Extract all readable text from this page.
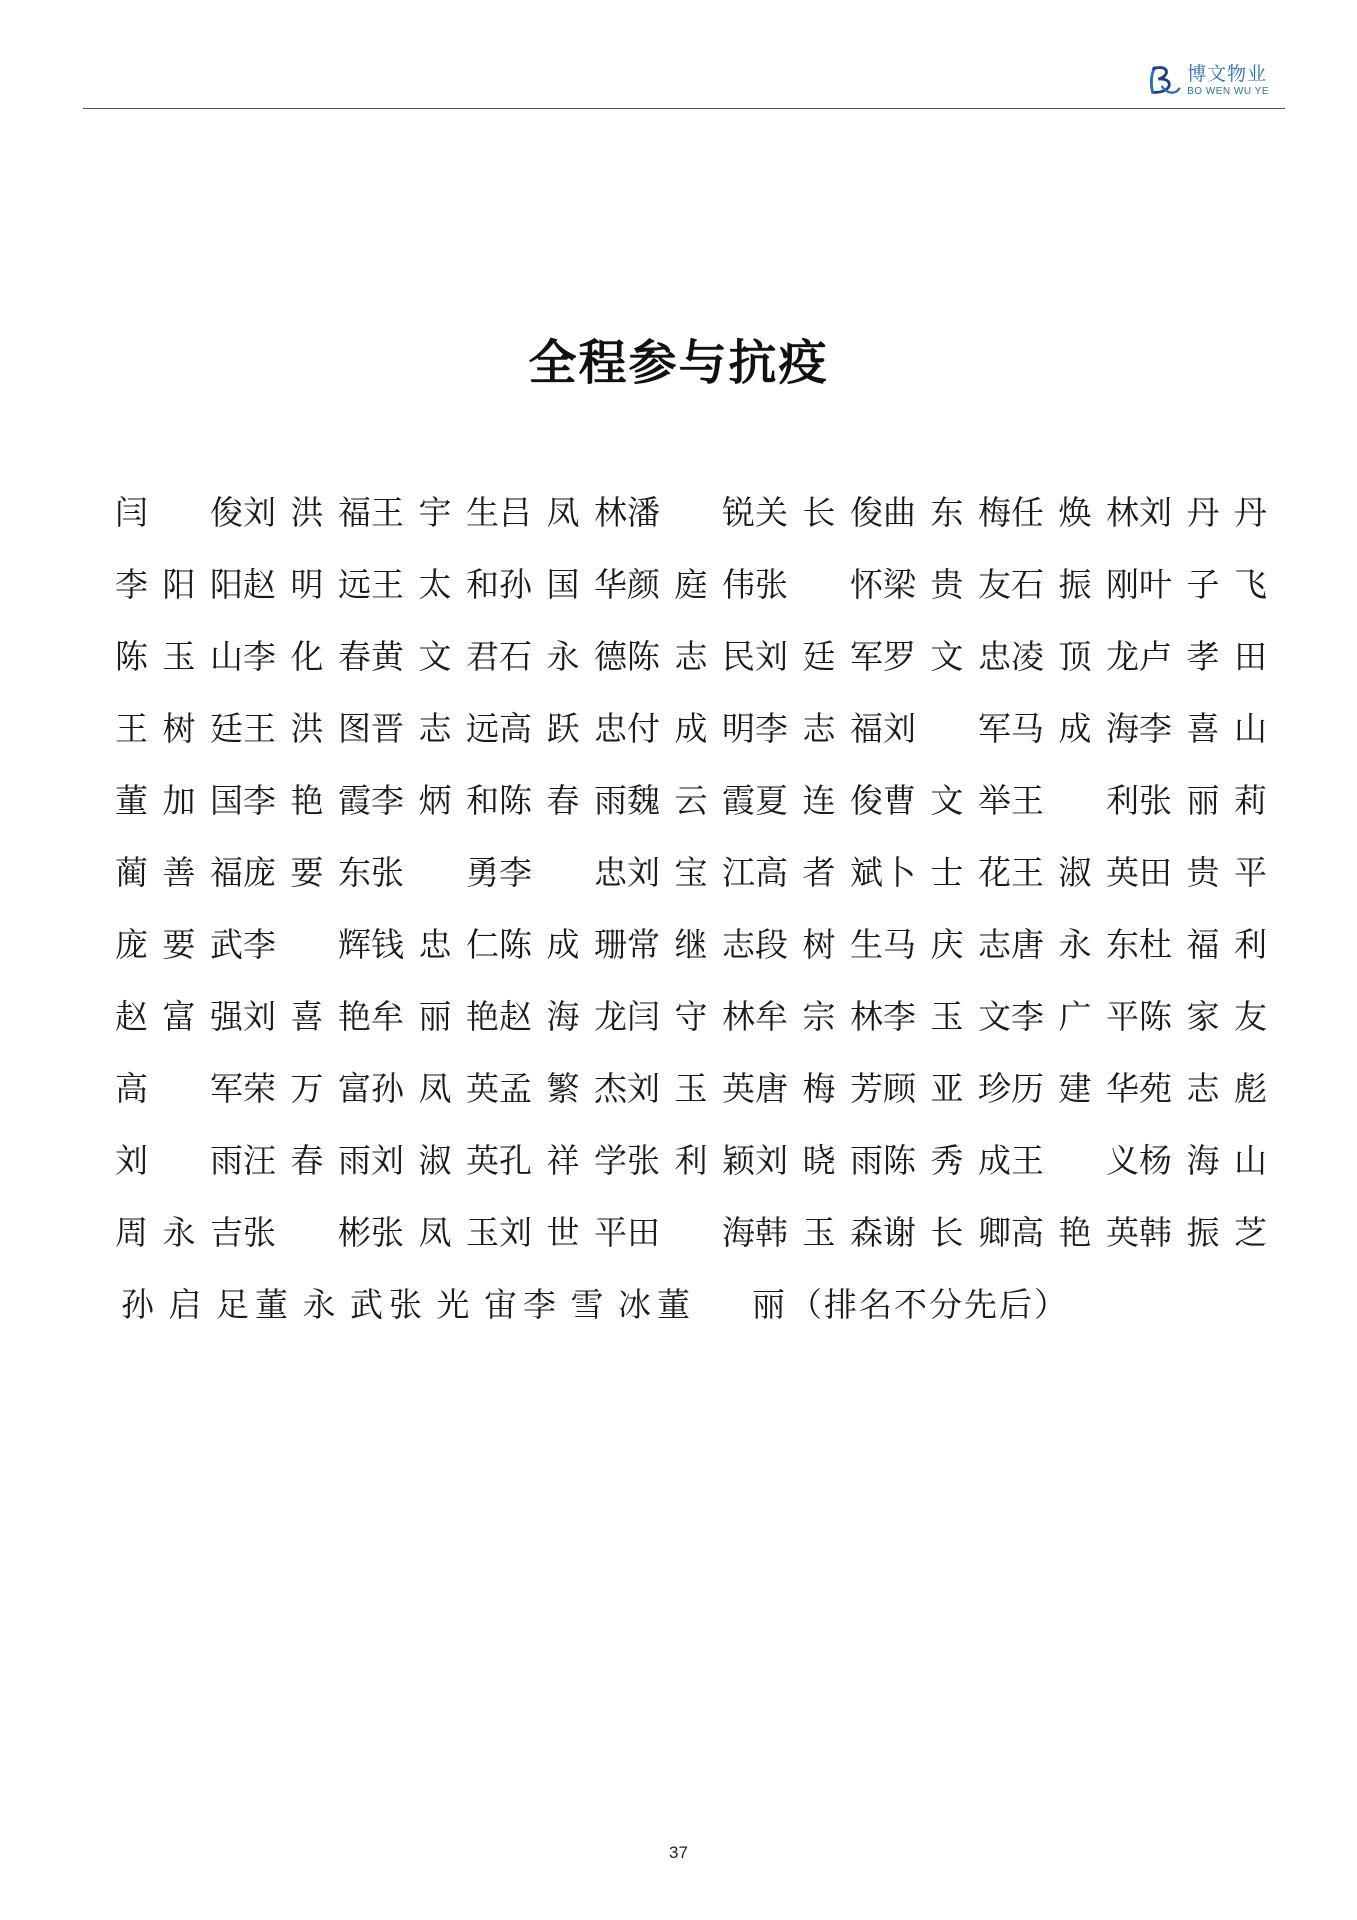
博文物业
BO WEN WU YE
全程参与抗疫
闫 俊 刘 洪 福 王 宇 生 吕 凤 林 潘 锐 关 长 俊 曲 东 梅 任 焕 林 刘 丹 丹
李 阳 阳 赵 明 远 王 太 和 孙 国 华 颜 庭 伟 张 怀 梁 贵 友 石 振 刚 叶 子 飞
陈 玉 山 李 化 春 黄 文 君 石 永 德 陈 志 民 刘 廷 军 罗 文 忠 凌 顶 龙 卢 孝 田
王 树 廷 王 洪 图 晋 志 远 高 跃 忠 付 成 明 李 志 福 刘 军 马 成 海 李 喜 山
董 加 国 李 艳 霞 李 炳 和 陈 春 雨 魏 云 霞 夏 连 俊 曹 文 举 王 利 张 丽 莉
蔺 善 福 庞 要 东 张 勇 李 忠 刘 宝 江 高 者 斌 卜 士 花 王 淑 英 田 贵 平
庞 要 武 李 辉 钱 忠 仁 陈 成 珊 常 继 志 段 树 生 马 庆 志 唐 永 东 杜 福 利
赵 富 强 刘 喜 艳 牟 丽 艳 赵 海 龙 闫 守 林 牟 宗 林 李 玉 文 李 广 平 陈 家 友
高 军 荣 万 富 孙 凤 英 孟 繁 杰 刘 玉 英 唐 梅 芳 顾 亚 珍 历 建 华 苑 志 彪
刘 雨 汪 春 雨 刘 淑 英 孔 祥 学 张 利 颖 刘 晓 雨 陈 秀 成 王 义 杨 海 山
周 永 吉 张 彬 张 凤 玉 刘 世 平 田 海 韩 玉 森 谢 长 卿 高 艳 英 韩 振 芝
孙 启 足 董 永 武 张 光 宙 李 雪 冰 董 丽 （排名不分先后）
37
